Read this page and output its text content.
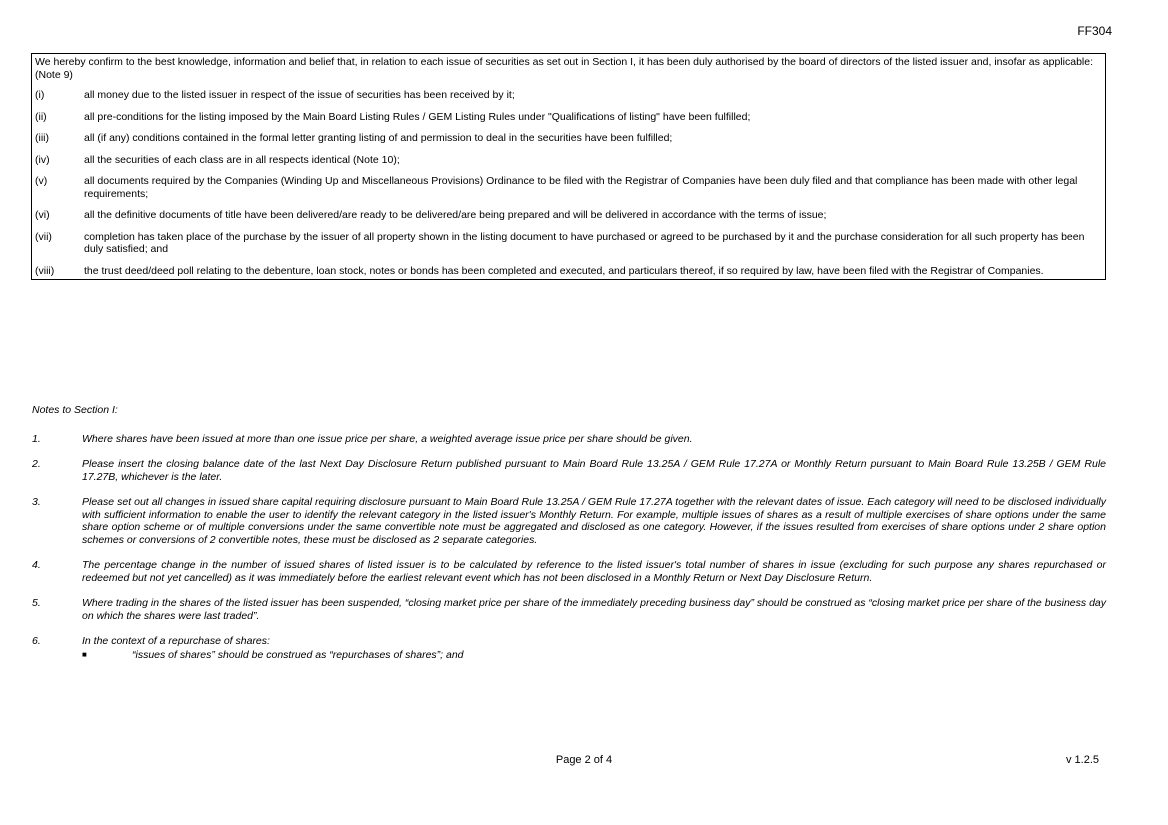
FF304

We hereby confirm to the best knowledge, information and belief that, in relation to each issue of securities as set out in Section I, it has been duly authorised by the board of directors of the listed issuer and, insofar as applicable:

(Note 9)

(i)	all money due to the listed issuer in respect of the issue of securities has been received by it;
(ii)	all pre-conditions for the listing imposed by the Main Board Listing Rules / GEM Listing Rules under "Qualifications of listing" have been fulfilled;
(iii)	all (if any) conditions contained in the formal letter granting listing of and permission to deal in the securities have been fulfilled;
(iv)	all the securities of each class are in all respects identical (Note 10);
(v)	all documents required by the Companies (Winding Up and Miscellaneous Provisions) Ordinance to be filed with the Registrar of Companies have been duly filed and that compliance has been made with other legal requirements;
(vi)	all the definitive documents of title have been delivered/are ready to be delivered/are being prepared and will be delivered in accordance with the terms of issue;
(vii)	completion has taken place of the purchase by the issuer of all property shown in the listing document to have purchased or agreed to be purchased by it and the purchase consideration for all such property has been duly satisfied; and
(viii)	the trust deed/deed poll relating to the debenture, loan stock, notes or bonds has been completed and executed, and particulars thereof, if so required by law, have been filed with the Registrar of Companies.

Notes to Section I:

1.	Where shares have been issued at more than one issue price per share, a weighted average issue price per share should be given.
2.	Please insert the closing balance date of the last Next Day Disclosure Return published pursuant to Main Board Rule 13.25A / GEM Rule 17.27A or Monthly Return pursuant to Main Board Rule 13.25B / GEM Rule 17.27B, whichever is the later.
3.	Please set out all changes in issued share capital requiring disclosure pursuant to Main Board Rule 13.25A / GEM Rule 17.27A together with the relevant dates of issue. Each category will need to be disclosed individually with sufficient information to enable the user to identify the relevant category in the listed issuer's Monthly Return. For example, multiple issues of shares as a result of multiple exercises of share options under the same share option scheme or of multiple conversions under the same convertible note must be aggregated and disclosed as one category. However, if the issues resulted from exercises of share options under 2 share option schemes or conversions of 2 convertible notes, these must be disclosed as 2 separate categories.
4.	The percentage change in the number of issued shares of listed issuer is to be calculated by reference to the listed issuer's total number of shares in issue (excluding for such purpose any shares repurchased or redeemed but not yet cancelled) as it was immediately before the earliest relevant event which has not been disclosed in a Monthly Return or Next Day Disclosure Return.
5.	Where trading in the shares of the listed issuer has been suspended, “closing market price per share of the immediately preceding business day” should be construed as “closing market price per share of the business day on which the shares were last traded”.
6.	In the context of a repurchase of shares:
■	“issues of shares” should be construed as “repurchases of shares”; and
Page 2 of 4	v 1.2.5
